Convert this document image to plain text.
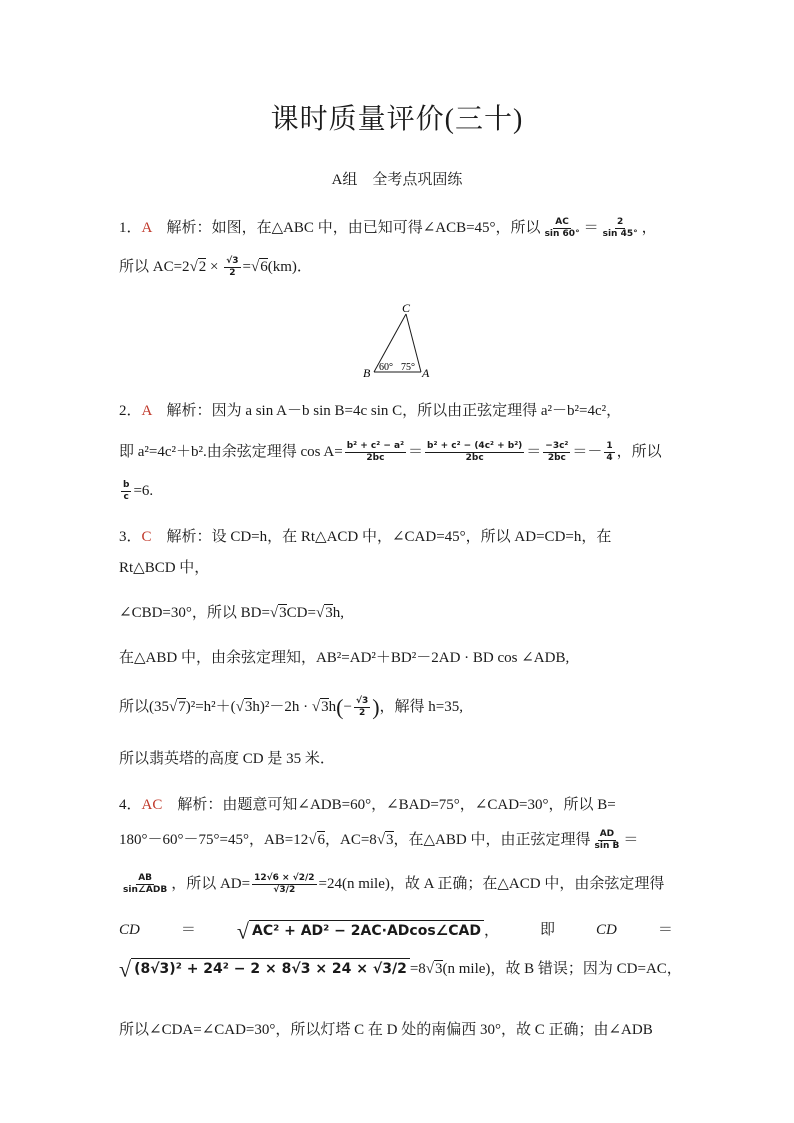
课时质量评价(三十)
A组　全考点巩固练
1．A　 解析：如图，在△ABC 中，由已知可得∠ACB=45°，所以 $\frac{AC}{\sin 60^\circ} = \frac{2}{\sin 45^\circ}$ ，
所以 AC=2 √ $2 \times \frac{√3}{2}$ = √ 6(km)．
C
B	A
60° 75°
2．A　 解析：因为 a sin A－b sin B=4c sin C，所以由正弦定理得 a²－b²=4c²，
即 a²=4c²＋b².由余弦定理得 $\cos A= \frac{\text{b² + c² − a²}}{2bc} = \frac{\text{b² + c² − (4c² + b²)}}{2bc} = \frac{\text{−3c²}}{2bc} =- \frac{1}{4}$ ，所以
$\frac{b}{c} =6$.
3．C　 解析：设 CD=h，在 Rt△ACD 中，∠CAD=45°，所以 AD=CD=h，在
Rt△BCD 中，
∠CBD=30°，所以 BD= √ 3CD= √ 3h,
在△ABD 中，由余弦定理知，AB²=AD²＋BD²－2AD · BD cos ∠ADB,
所以(35 √ 7)²=h²＋( √ 3h)²－2h · √ $3h(- \frac{√3}{2}$ )，解得 h=35,
所以翡英塔的高度 CD 是 35 米．
4．AC　 解析：由题意可知∠ADB=60°，∠BAD=75°，∠CAD=30°，所以 B=
180°－60°－75°=45°，AB=12 √ 6，AC=8 √ 3，在△ABD 中，由正弦定理得 $\frac{AD}{\text{sin B}}$ ＝
$\frac{AB}{\text{sin∠ADB}}$ ，所以 $AD= \frac{12√6 \times √2/2}{√3/2} =24(n$ mile)，故 A 正确；在△ACD 中，由余弦定理得
CD	＝ √ AC² + AD² − 2AC·ADcos∠CAD ，	即	CD	＝
√ (8√3)² + 24² − 2 × 8√3 × 24 × √3/2 =8 √ 3(n mile)，故 B 错误；因为 CD=AC，
所以∠CDA=∠CAD=30°，所以灯塔 C 在 D 处的南偏西 30°，故 C 正确；由∠ADB
